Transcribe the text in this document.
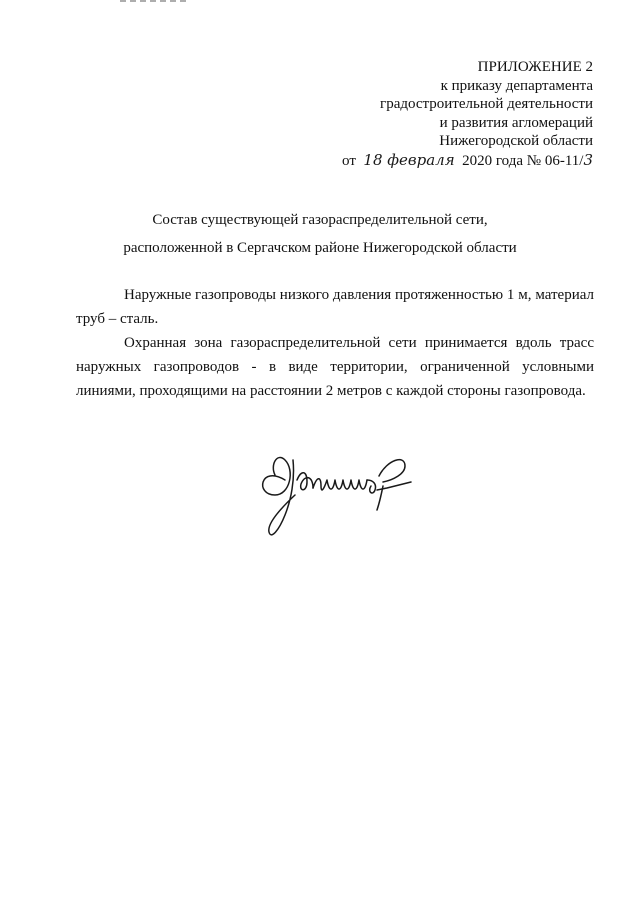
ПРИЛОЖЕНИЕ 2
к приказу департамента
градостроительной деятельности
и развития агломераций
Нижегородской области
от 18 февраля 2020 года № 06-11/3
Состав существующей газораспределительной сети,
расположенной в Сергачском районе Нижегородской области

Наружные газопроводы низкого давления протяженностью 1 м, материал труб – сталь.

Охранная зона газораспределительной сети принимается вдоль трасс наружных газопроводов - в виде территории, ограниченной условными линиями, проходящими на расстоянии 2 метров с каждой стороны газопровода.
